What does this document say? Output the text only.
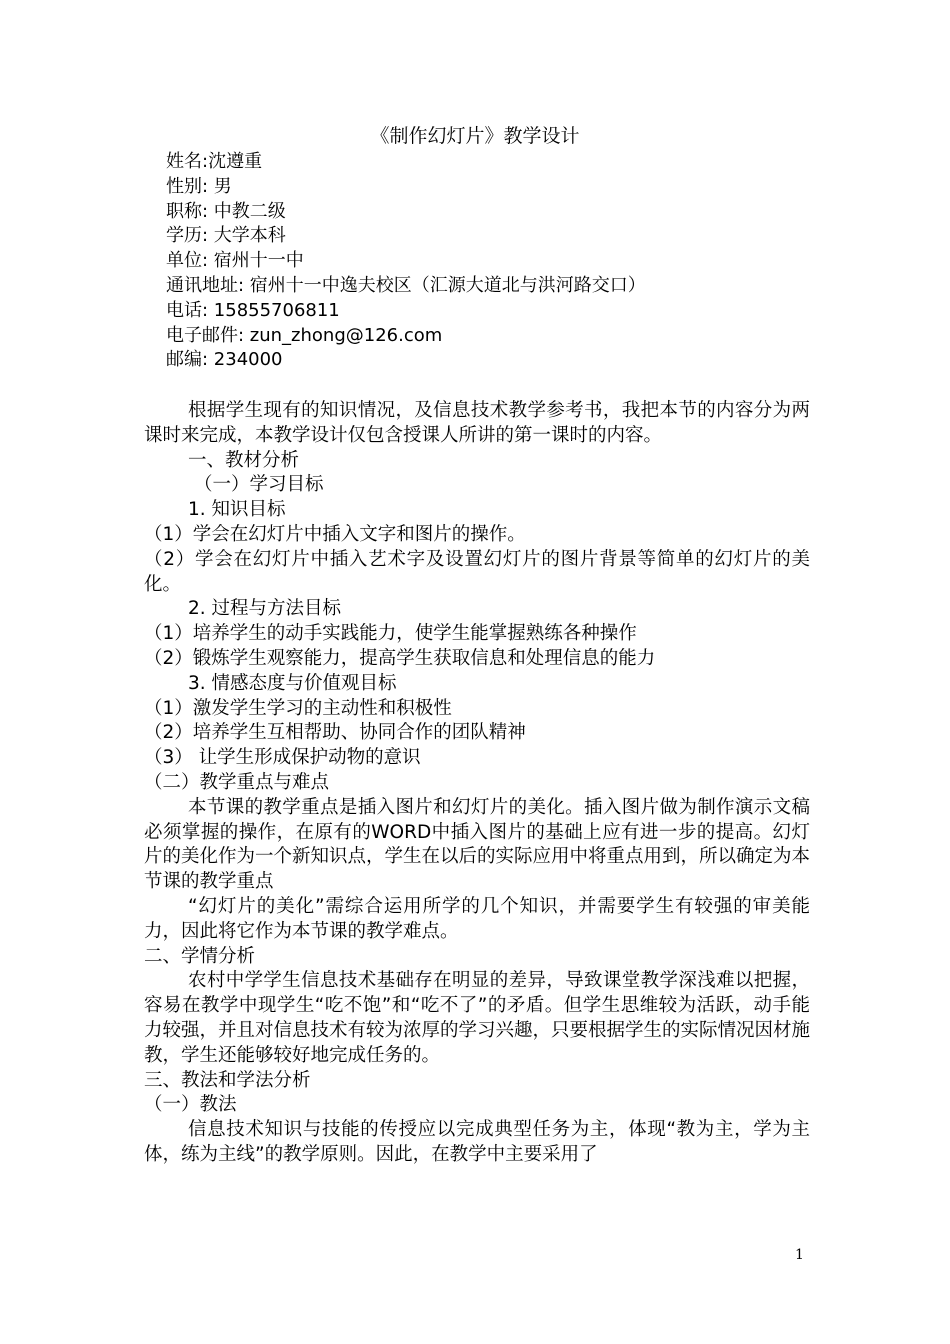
《制作幻灯片》教学设计
姓名:沈遵重
性别: 男
职称: 中教二级
学历: 大学本科
单位: 宿州十一中
通讯地址: 宿州十一中逸夫校区（汇源大道北与洪河路交口）
电话: 15855706811
电子邮件: zun_zhong@126.com
邮编: 234000

根据学生现有的知识情况，及信息技术教学参考书，我把本节的内容分为两课时来完成，本教学设计仅包含授课人所讲的第一课时的内容。

一、教材分析

（一）学习目标

1. 知识目标

（1）学会在幻灯片中插入文字和图片的操作。

（2）学会在幻灯片中插入艺术字及设置幻灯片的图片背景等简单的幻灯片的美化。

2. 过程与方法目标

（1）培养学生的动手实践能力，使学生能掌握熟练各种操作

（2）锻炼学生观察能力，提高学生获取信息和处理信息的能力

3. 情感态度与价值观目标

（1）激发学生学习的主动性和积极性

（2）培养学生互相帮助、协同合作的团队精神

（3） 让学生形成保护动物的意识

（二）教学重点与难点

本节课的教学重点是插入图片和幻灯片的美化。插入图片做为制作演示文稿必须掌握的操作，在原有的WORD中插入图片的基础上应有进一步的提高。幻灯片的美化作为一个新知识点，学生在以后的实际应用中将重点用到，所以确定为本节课的教学重点

“幻灯片的美化”需综合运用所学的几个知识，并需要学生有较强的审美能力，因此将它作为本节课的教学难点。

二、学情分析

农村中学学生信息技术基础存在明显的差异，导致课堂教学深浅难以把握，容易在教学中现学生“吃不饱”和“吃不了”的矛盾。但学生思维较为活跃，动手能力较强，并且对信息技术有较为浓厚的学习兴趣，只要根据学生的实际情况因材施教，学生还能够较好地完成任务的。

三、教法和学法分析

（一）教法

信息技术知识与技能的传授应以完成典型任务为主，体现“教为主，学为主体，练为主线”的教学原则。因此，在教学中主要采用了

1
